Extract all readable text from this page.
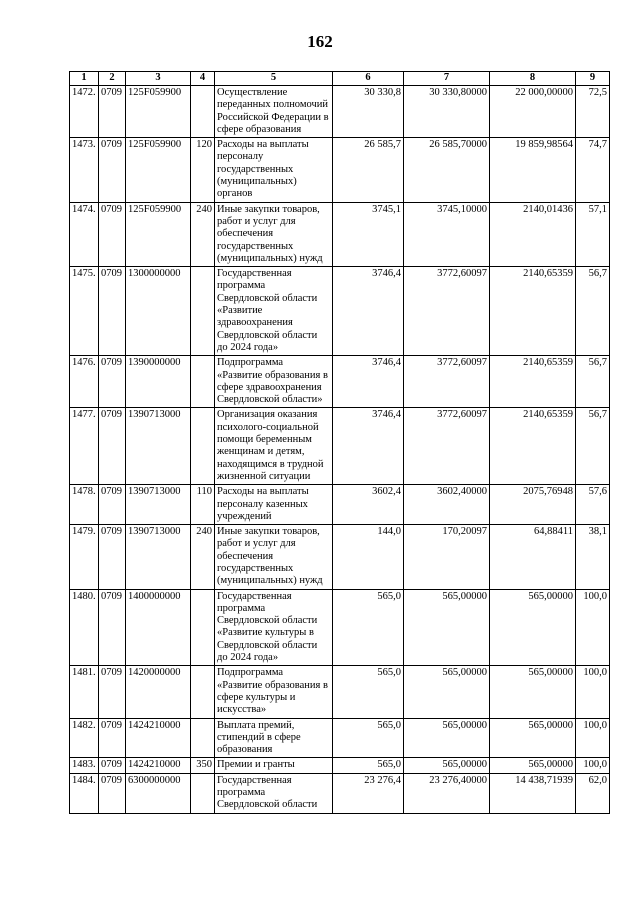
162
1	2	3	4	5	6	7	8	9
1472.	0709	125F059900		Осуществление переданных полномочий Российской Федерации в сфере образования	30 330,8	30 330,80000	22 000,00000	72,5
1473.	0709	125F059900	120	Расходы на выплаты персоналу государственных (муниципальных) органов	26 585,7	26 585,70000	19 859,98564	74,7
1474.	0709	125F059900	240	Иные закупки товаров, работ и услуг для обеспечения государственных (муниципальных) нужд	3745,1	3745,10000	2140,01436	57,1
1475.	0709	1300000000		Государственная программа Свердловской области «Развитие здравоохранения Свердловской области до 2024 года»	3746,4	3772,60097	2140,65359	56,7
1476.	0709	1390000000		Подпрограмма «Развитие образования в сфере здравоохранения Свердловской области»	3746,4	3772,60097	2140,65359	56,7
1477.	0709	1390713000		Организация оказания психолого-социальной помощи беременным женщинам и детям, находящимся в трудной жизненной ситуации	3746,4	3772,60097	2140,65359	56,7
1478.	0709	1390713000	110	Расходы на выплаты персоналу казенных учреждений	3602,4	3602,40000	2075,76948	57,6
1479.	0709	1390713000	240	Иные закупки товаров, работ и услуг для обеспечения государственных (муниципальных) нужд	144,0	170,20097	64,88411	38,1
1480.	0709	1400000000		Государственная программа Свердловской области «Развитие культуры в Свердловской области до 2024 года»	565,0	565,00000	565,00000	100,0
1481.	0709	1420000000		Подпрограмма «Развитие образования в сфере культуры и искусства»	565,0	565,00000	565,00000	100,0
1482.	0709	1424210000		Выплата премий, стипендий в сфере образования	565,0	565,00000	565,00000	100,0
1483.	0709	1424210000	350	Премии и гранты	565,0	565,00000	565,00000	100,0
1484.	0709	6300000000		Государственная программа Свердловской области	23 276,4	23 276,40000	14 438,71939	62,0
